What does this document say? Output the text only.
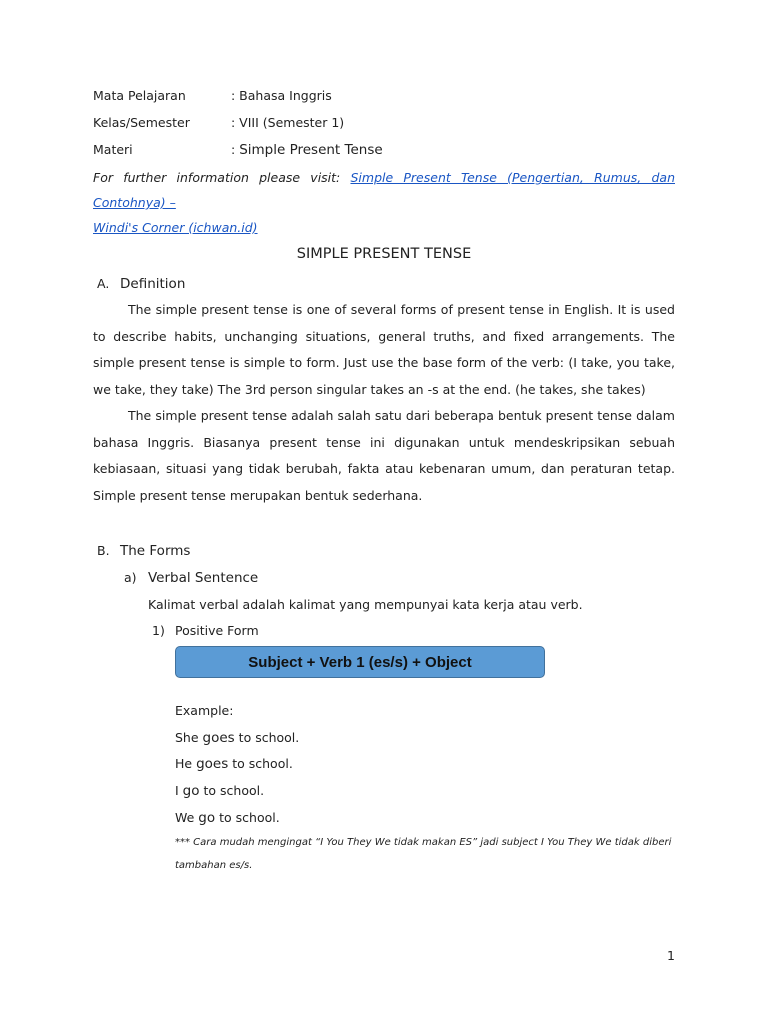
Mata Pelajaran	: Bahasa Inggris
Kelas/Semester	: VIII (Semester 1)
Materi	: Simple Present Tense
For further information please visit: Simple Present Tense (Pengertian, Rumus, dan Contohnya) –
Windi's Corner (ichwan.id)
SIMPLE PRESENT TENSE
A. Definition
The simple present tense is one of several forms of present tense in English. It is used to describe habits, unchanging situations, general truths, and fixed arrangements. The simple present tense is simple to form. Just use the base form of the verb: (I take, you take, we take, they take) The 3rd person singular takes an -s at the end. (he takes, she takes)
The simple present tense adalah salah satu dari beberapa bentuk present tense dalam bahasa Inggris. Biasanya present tense ini digunakan untuk mendeskripsikan sebuah kebiasaan, situasi yang tidak berubah, fakta atau kebenaran umum, dan peraturan tetap. Simple present tense merupakan bentuk sederhana.
B. The Forms
a) Verbal Sentence
Kalimat verbal adalah kalimat yang mempunyai kata kerja atau verb.
1) Positive Form
Subject + Verb 1 (es/s) + Object
Example:
She goes to school.
He goes to school.
I go to school.
We go to school.
*** Cara mudah mengingat “I You They We tidak makan ES” jadi subject I You They We tidak diberi tambahan es/s.
1
